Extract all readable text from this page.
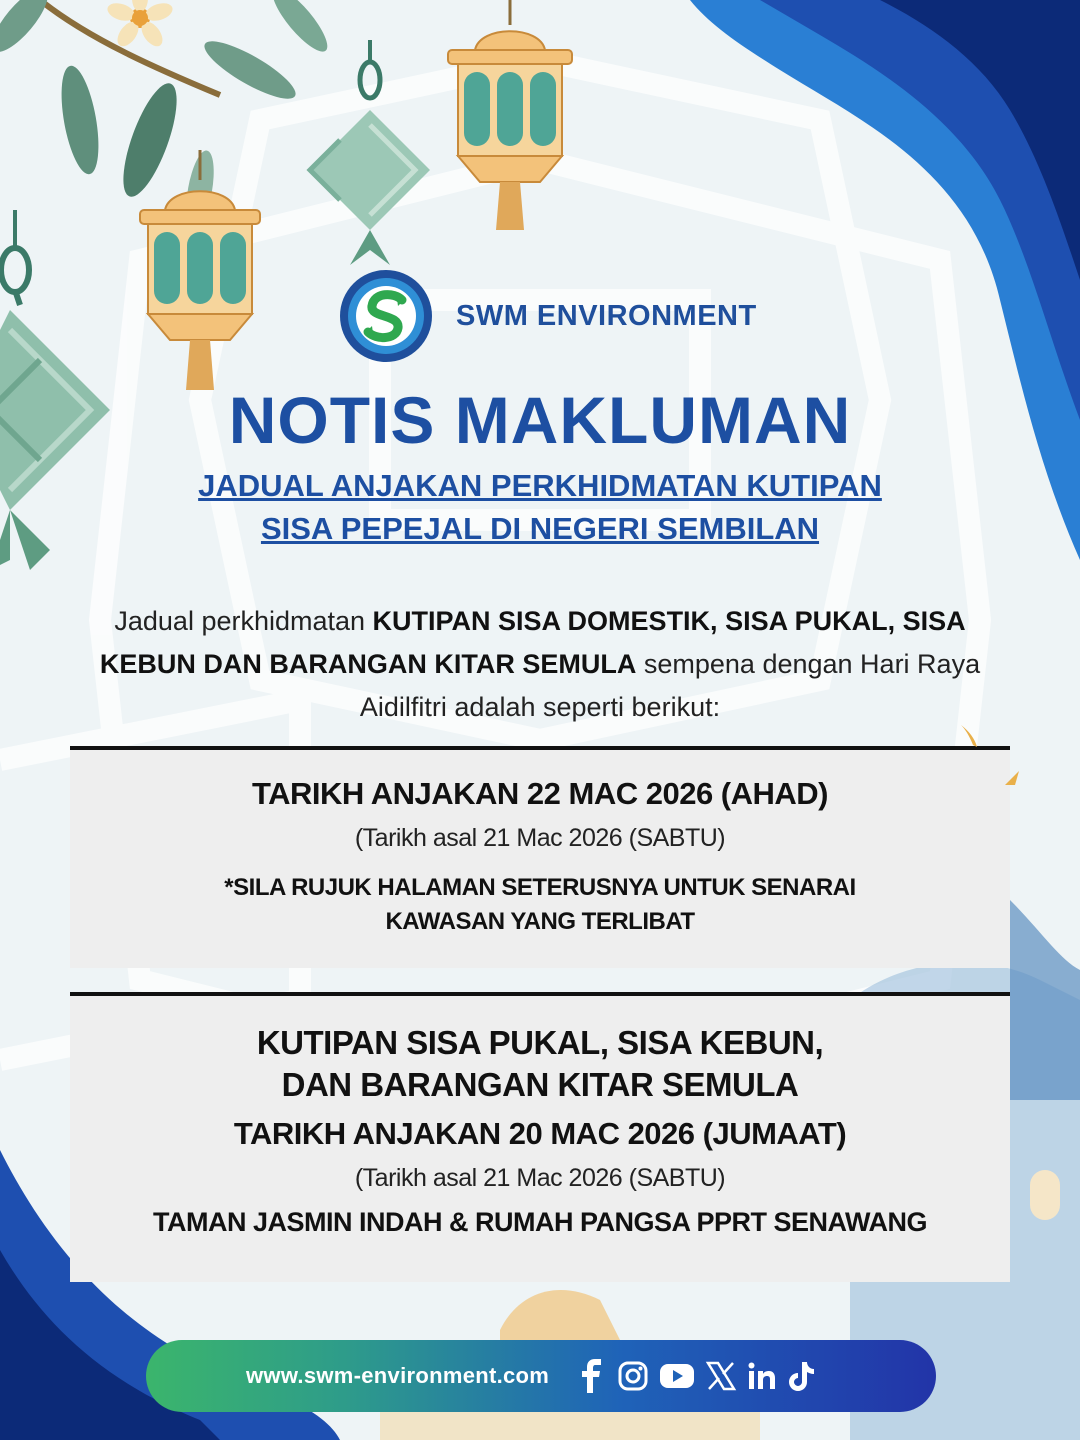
SWM ENVIRONMENT
NOTIS MAKLUMAN
JADUAL ANJAKAN PERKHIDMATAN KUTIPAN
SISA PEPEJAL DI NEGERI SEMBILAN
Jadual perkhidmatan KUTIPAN SISA DOMESTIK, SISA PUKAL, SISA
KEBUN DAN BARANGAN KITAR SEMULA sempena dengan Hari Raya
Aidilfitri adalah seperti berikut:
TARIKH ANJAKAN 22 MAC 2026 (AHAD)
(Tarikh asal 21 Mac 2026 (SABTU)
*SILA RUJUK HALAMAN SETERUSNYA UNTUK SENARAI
KAWASAN YANG TERLIBAT
KUTIPAN SISA PUKAL, SISA KEBUN,
DAN BARANGAN KITAR SEMULA
TARIKH ANJAKAN 20 MAC 2026 (JUMAAT)
(Tarikh asal 21 Mac 2026 (SABTU)
TAMAN JASMIN INDAH & RUMAH PANGSA PPRT SENAWANG
www.swm-environment.com
